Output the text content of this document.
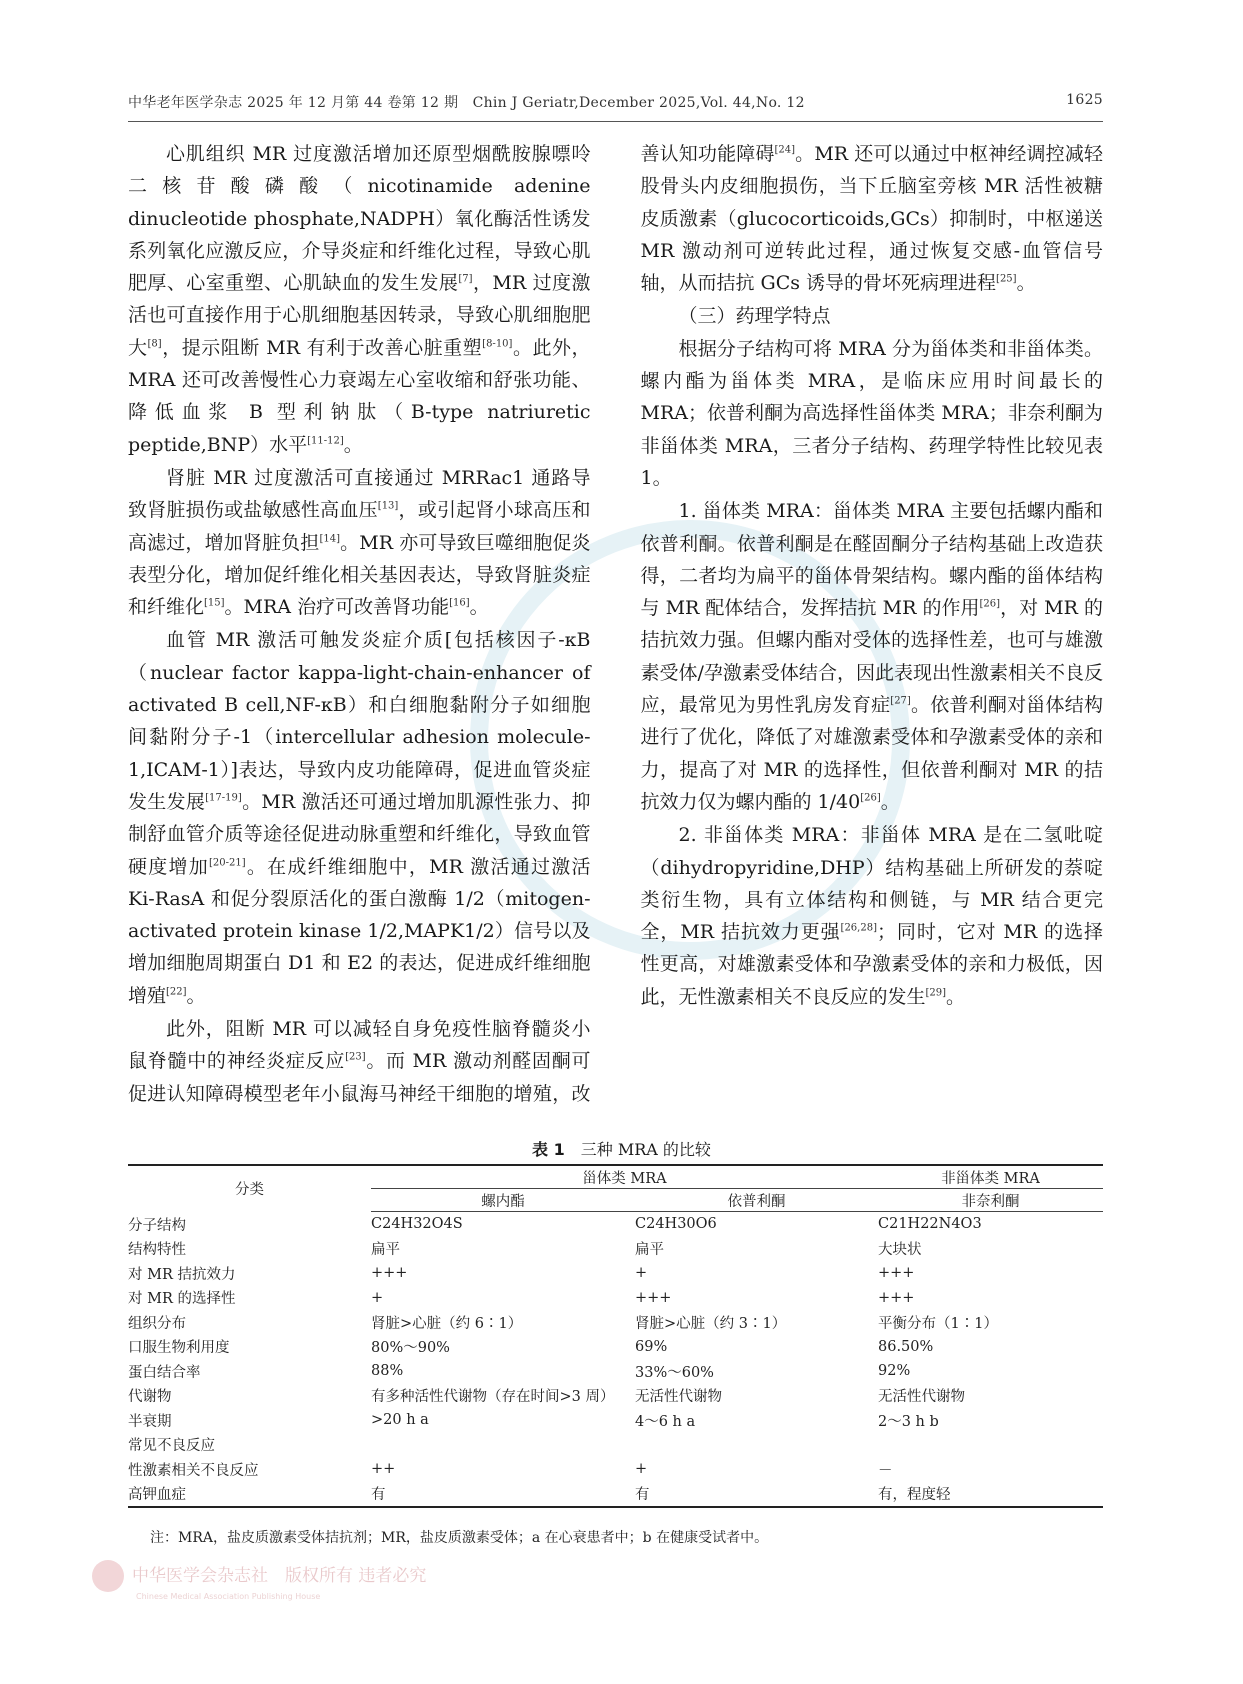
中华老年医学杂志 2025 年 12 月第 44 卷第 12 期　Chin J Geriatr,December 2025,Vol. 44,No. 12	1625

心肌组织 MR 过度激活增加还原型烟酰胺腺嘌呤二核苷酸磷酸（nicotinamide adenine dinucleotide phosphate,NADPH）氧化酶活性诱发系列氧化应激反应，介导炎症和纤维化过程，导致心肌肥厚、心室重塑、心肌缺血的发生发展[7]，MR 过度激活也可直接作用于心肌细胞基因转录，导致心肌细胞肥大[8]，提示阻断 MR 有利于改善心脏重塑[8-10]。此外，MRA 还可改善慢性心力衰竭左心室收缩和舒张功能、降低血浆 B 型利钠肽（B-type natriuretic peptide,BNP）水平[11-12]。

肾脏 MR 过度激活可直接通过 MRRac1 通路导致肾脏损伤或盐敏感性高血压[13]，或引起肾小球高压和高滤过，增加肾脏负担[14]。MR 亦可导致巨噬细胞促炎表型分化，增加促纤维化相关基因表达，导致肾脏炎症和纤维化[15]。MRA 治疗可改善肾功能[16]。

血管 MR 激活可触发炎症介质[包括核因子-κB（nuclear factor kappa-light-chain-enhancer of activated B cell,NF-κB）和白细胞黏附分子如细胞间黏附分子-1（intercellular adhesion molecule-1,ICAM-1）]表达，导致内皮功能障碍，促进血管炎症发生发展[17-19]。MR 激活还可通过增加肌源性张力、抑制舒血管介质等途径促进动脉重塑和纤维化，导致血管硬度增加[20-21]。在成纤维细胞中，MR 激活通过激活 Ki-RasA 和促分裂原活化的蛋白激酶 1/2（mitogen-activated protein kinase 1/2,MAPK1/2）信号以及增加细胞周期蛋白 D1 和 E2 的表达，促进成纤维细胞增殖[22]。

此外，阻断 MR 可以减轻自身免疫性脑脊髓炎小鼠脊髓中的神经炎症反应[23]。而 MR 激动剂醛固酮可促进认知障碍模型老年小鼠海马神经干细胞的增殖，改善认知功能障碍[24]。MR 还可以通过中枢神经调控减轻股骨头内皮细胞损伤，当下丘脑室旁核 MR 活性被糖皮质激素（glucocorticoids,GCs）抑制时，中枢递送 MR 激动剂可逆转此过程，通过恢复交感-血管信号轴，从而拮抗 GCs 诱导的骨坏死病理进程[25]。

（三）药理学特点

根据分子结构可将 MRA 分为甾体类和非甾体类。螺内酯为甾体类 MRA，是临床应用时间最长的 MRA；依普利酮为高选择性甾体类 MRA；非奈利酮为非甾体类 MRA，三者分子结构、药理学特性比较见表 1。

1. 甾体类 MRA：甾体类 MRA 主要包括螺内酯和依普利酮。依普利酮是在醛固酮分子结构基础上改造获得，二者均为扁平的甾体骨架结构。螺内酯的甾体结构与 MR 配体结合，发挥拮抗 MR 的作用[26]，对 MR 的拮抗效力强。但螺内酯对受体的选择性差，也可与雄激素受体/孕激素受体结合，因此表现出性激素相关不良反应，最常见为男性乳房发育症[27]。依普利酮对甾体结构进行了优化，降低了对雄激素受体和孕激素受体的亲和力，提高了对 MR 的选择性，但依普利酮对 MR 的拮抗效力仅为螺内酯的 1/40[26]。

2. 非甾体类 MRA：非甾体 MRA 是在二氢吡啶（dihydropyridine,DHP）结构基础上所研发的萘啶类衍生物，具有立体结构和侧链，与 MR 结合更完全，MR 拮抗效力更强[26,28]；同时，它对 MR 的选择性更高，对雄激素受体和孕激素受体的亲和力极低，因此，无性激素相关不良反应的发生[29]。

表 1 三种 MRA 的比较
分类	甾体类 MRA		非甾体类 MRA
	螺内酯	依普利酮	非奈利酮
分子结构	C24H32O4S	C24H30O6	C21H22N4O3
结构特性	扁平	扁平	大块状
对 MR 拮抗效力	+++	+	+++
对 MR 的选择性	+	+++	+++
组织分布	肾脏>心脏（约 6∶1）	肾脏>心脏（约 3∶1）	平衡分布（1∶1）
口服生物利用度	80%～90%	69%	86.50%
蛋白结合率	88%	33%～60%	92%
代谢物	有多种活性代谢物（存在时间>3 周）	无活性代谢物	无活性代谢物
半衰期	>20 h a	4～6 h a	2～3 h b
常见不良反应			
性激素相关不良反应	++	+	－
高钾血症	有	有	有，程度轻
注：MRA，盐皮质激素受体拮抗剂；MR，盐皮质激素受体；a 在心衰患者中；b 在健康受试者中。
中华医学会杂志社　 版权所有 违者必究
Chinese Medical Association Publishing House
